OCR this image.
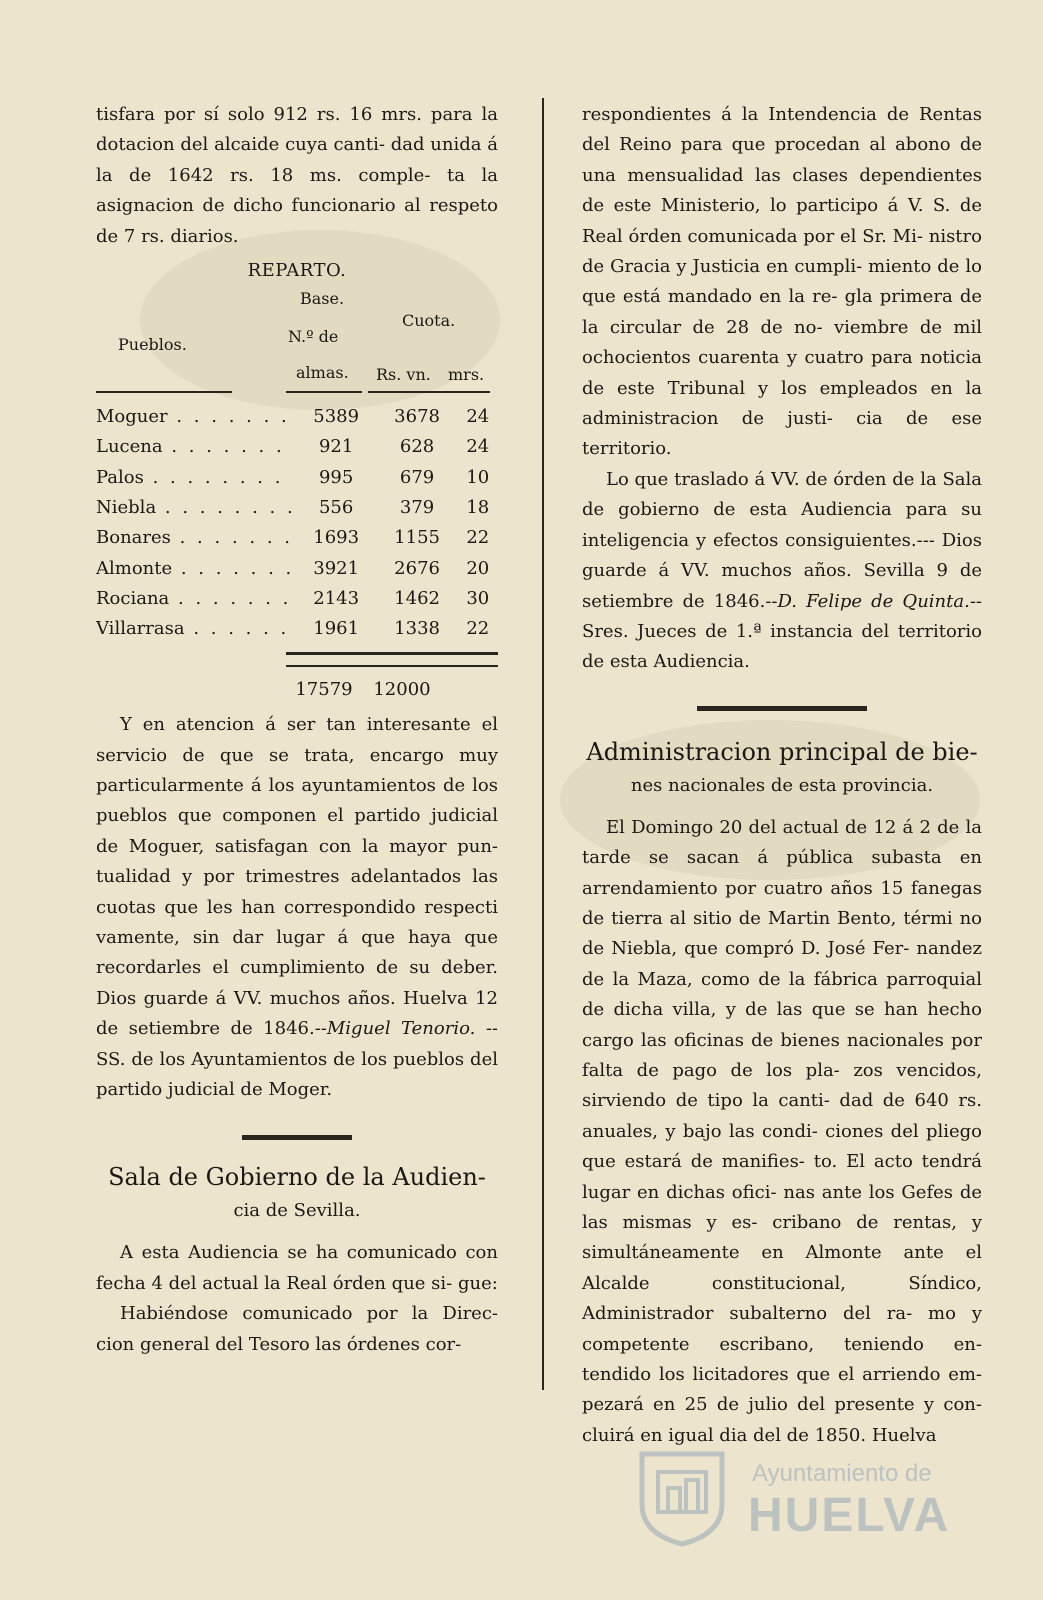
tisfara por sí solo 912 rs. 16 mrs. para la dotacion del alcaide cuya canti- dad unida á la de 1642 rs. 18 ms. comple- ta la asignacion de dicho funcionario al respeto de 7 rs. diarios.

REPARTO.
Pueblos.
Base.
N.º de
almas.
Cuota.
Rs. vn. mrs.
Moguer . . . . . . .	5389	3678	24
Lucena . . . . . . .	921	628	24
Palos . . . . . . . .	995	679	10
Niebla . . . . . . . .	556	379	18
Bonares . . . . . . .	1693	1155	22
Almonte . . . . . . .	3921	2676	20
Rociana . . . . . . .	2143	1462	30
Villarrasa . . . . . .	1961	1338	22
17579	12000

Y en atencion á ser tan interesante el servicio de que se trata, encargo muy particularmente á los ayuntamientos de los pueblos que componen el partido judicial de Moguer, satisfagan con la mayor pun- tualidad y por trimestres adelantados las cuotas que les han correspondido respecti vamente, sin dar lugar á que haya que recordarles el cumplimiento de su deber. Dios guarde á VV. muchos años. Huelva 12 de setiembre de 1846.--Miguel Tenorio. --SS. de los Ayuntamientos de los pueblos del partido judicial de Moger.

Sala de Gobierno de la Audien-
cia de Sevilla.

A esta Audiencia se ha comunicado con fecha 4 del actual la Real órden que si- gue:

Habiéndose comunicado por la Direc- cion general del Tesoro las órdenes cor-

respondientes á la Intendencia de Rentas del Reino para que procedan al abono de una mensualidad las clases dependientes de este Ministerio, lo participo á V. S. de Real órden comunicada por el Sr. Mi- nistro de Gracia y Justicia en cumpli- miento de lo que está mandado en la re- gla primera de la circular de 28 de no- viembre de mil ochocientos cuarenta y cuatro para noticia de este Tribunal y los empleados en la administracion de justi- cia de ese territorio.

Lo que traslado á VV. de órden de la Sala de gobierno de esta Audiencia para su inteligencia y efectos consiguientes.--- Dios guarde á VV. muchos años. Sevilla 9 de setiembre de 1846.--D. Felipe de Quinta.--Sres. Jueces de 1.ª instancia del territorio de esta Audiencia.

Administracion principal de bie-
nes nacionales de esta provincia.

El Domingo 20 del actual de 12 á 2 de la tarde se sacan á pública subasta en arrendamiento por cuatro años 15 fanegas de tierra al sitio de Martin Bento, térmi no de Niebla, que compró D. José Fer- nandez de la Maza, como de la fábrica parroquial de dicha villa, y de las que se han hecho cargo las oficinas de bienes nacionales por falta de pago de los pla- zos vencidos, sirviendo de tipo la canti- dad de 640 rs. anuales, y bajo las condi- ciones del pliego que estará de manifies- to. El acto tendrá lugar en dichas ofici- nas ante los Gefes de las mismas y es- cribano de rentas, y simultáneamente en Almonte ante el Alcalde constitucional, Síndico, Administrador subalterno del ra- mo y competente escribano, teniendo en- tendido los licitadores que el arriendo em- pezará en 25 de julio del presente y con- cluirá en igual dia del de 1850. Huelva

Ayuntamiento de
HUELVA
